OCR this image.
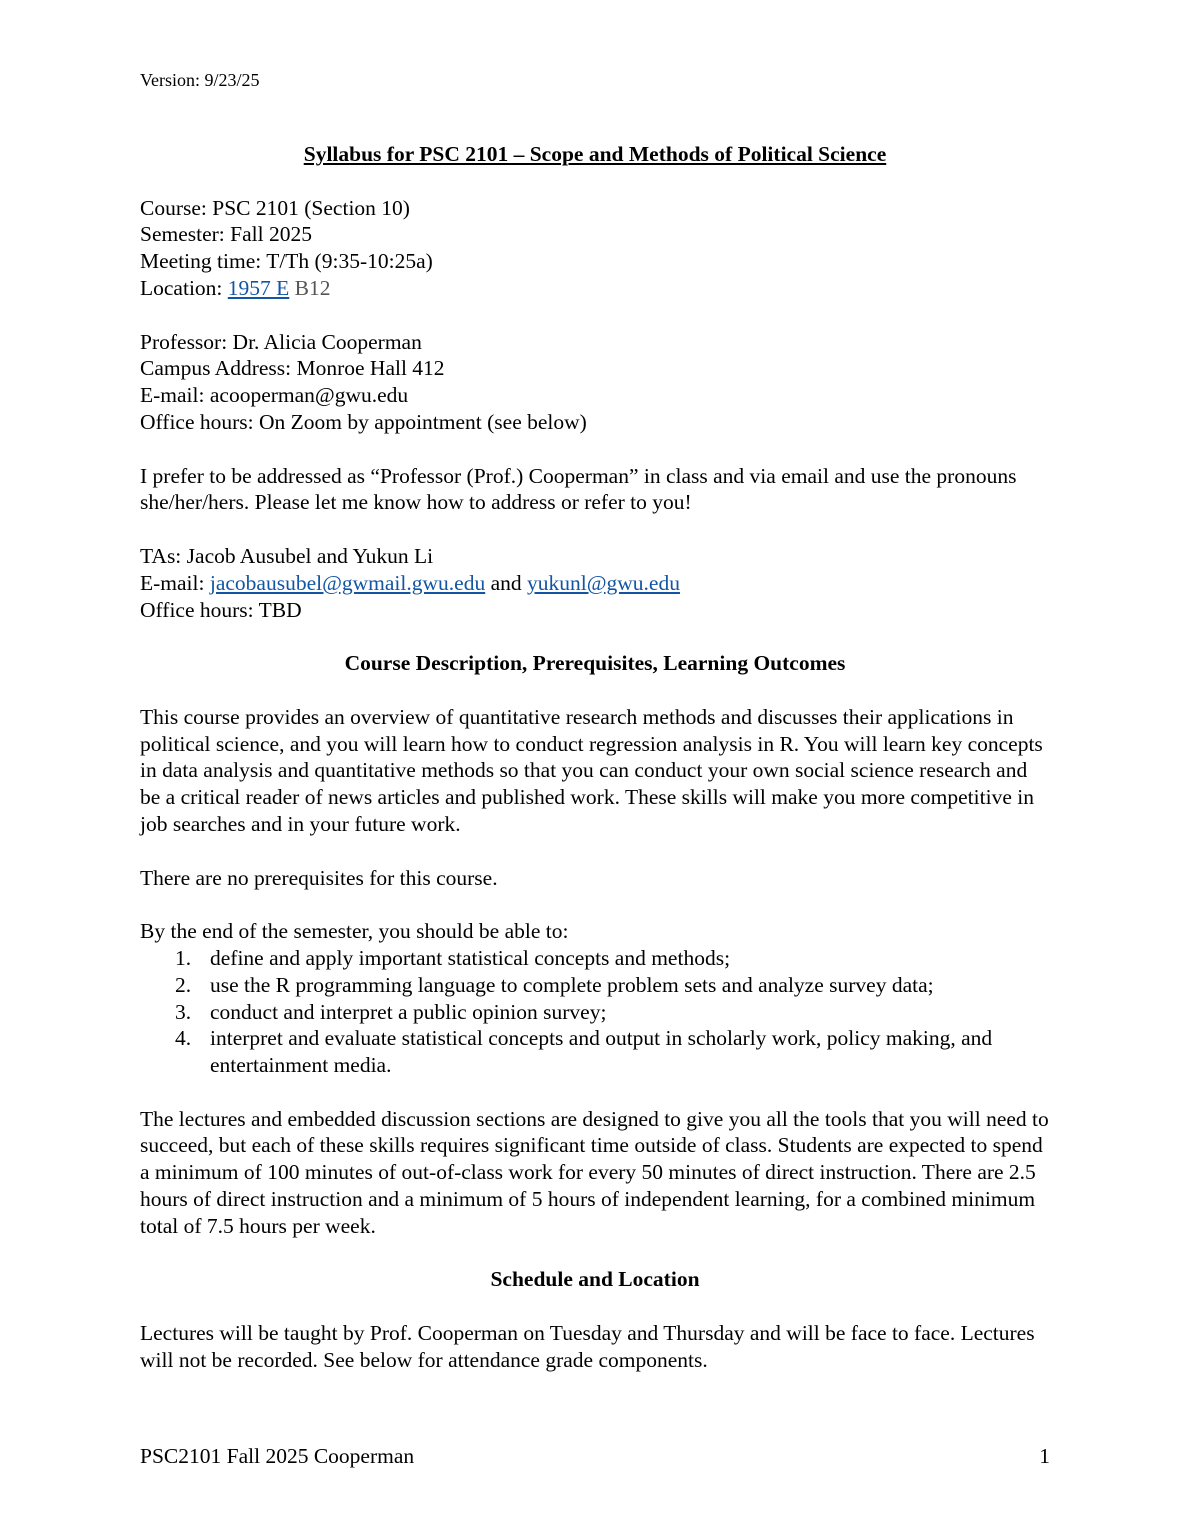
Version: 9/23/25

Syllabus for PSC 2101 – Scope and Methods of Political Science

Course: PSC 2101 (Section 10)

Semester: Fall 2025

Meeting time: T/Th (9:35-10:25a)

Location: 1957 E B12

Professor: Dr. Alicia Cooperman

Campus Address: Monroe Hall 412

E-mail: acooperman@gwu.edu

Office hours: On Zoom by appointment (see below)

I prefer to be addressed as “Professor (Prof.) Cooperman” in class and via email and use the pronouns she/her/hers. Please let me know how to address or refer to you!

TAs: Jacob Ausubel and Yukun Li

E-mail: jacobausubel@gwmail.gwu.edu and yukunl@gwu.edu

Office hours: TBD

Course Description, Prerequisites, Learning Outcomes

This course provides an overview of quantitative research methods and discusses their applications in political science, and you will learn how to conduct regression analysis in R. You will learn key concepts in data analysis and quantitative methods so that you can conduct your own social science research and be a critical reader of news articles and published work. These skills will make you more competitive in job searches and in your future work.

There are no prerequisites for this course.

By the end of the semester, you should be able to:

1. define and apply important statistical concepts and methods;
2. use the R programming language to complete problem sets and analyze survey data;
3. conduct and interpret a public opinion survey;
4. interpret and evaluate statistical concepts and output in scholarly work, policy making, and entertainment media.

The lectures and embedded discussion sections are designed to give you all the tools that you will need to succeed, but each of these skills requires significant time outside of class. Students are expected to spend a minimum of 100 minutes of out-of-class work for every 50 minutes of direct instruction. There are 2.5 hours of direct instruction and a minimum of 5 hours of independent learning, for a combined minimum total of 7.5 hours per week.

Schedule and Location

Lectures will be taught by Prof. Cooperman on Tuesday and Thursday and will be face to face. Lectures will not be recorded. See below for attendance grade components.

PSC2101 Fall 2025 Cooperman	1
